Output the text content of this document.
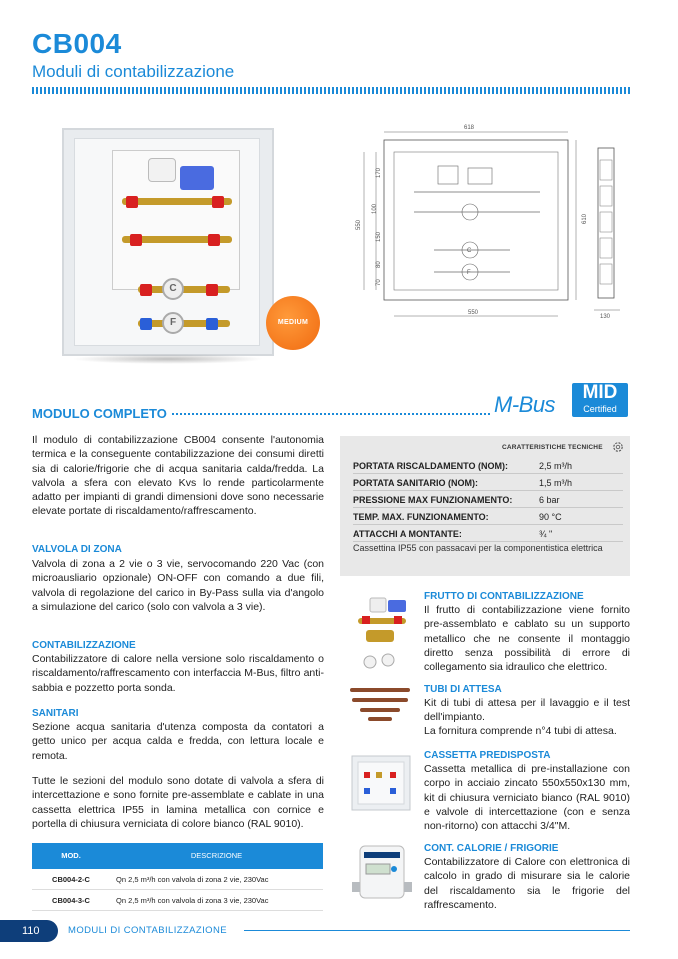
CB004
Moduli di contabilizzazione
C
F	MEDIUM
618
C
F
550
170
100
150
80
70
610
550
130
MODULO COMPLETO	M-Bus	MID
Certified
Il modulo di contabilizzazione CB004 consente l'autonomia termica e la conseguente contabilizzazione dei consumi diretti sia di calorie/frigorie che di acqua sanitaria calda/fredda. La valvola a sfera con elevato Kvs lo rende particolarmente adatto per impianti di grandi dimensioni dove sono necessarie elevate portate di riscaldamento/raffrescamento.
VALVOLA DI ZONA
Valvola di zona a 2 vie o 3 vie, servocomando 220 Vac (con microausliario opzionale) ON-OFF con comando a due fili, valvola di regolazione del carico in By-Pass sulla via d'angolo a simulazione del carico (solo con valvola a 3 vie).
CONTABILIZZAZIONE
Contabilizzatore di calore nella versione solo riscaldamento o riscaldamento/raffrescamento con interfaccia M-Bus, filtro anti-sabbia e pozzetto porta sonda.
SANITARI
Sezione acqua sanitaria d'utenza composta da contatori a getto unico per acqua calda e fredda, con lettura locale e remota.
Tutte le sezioni del modulo sono dotate di valvola a sfera di intercettazione e sono fornite pre-assemblate e cablate in una cassetta elettrica IP55 in lamina metallica con cornice e portella di chiusura verniciata di colore bianco (RAL 9010).
CARATTERISTICHE TECNICHE
PORTATA RISCALDAMENTO (NOM):	2,5 m³/h
PORTATA SANITARIO (NOM):	1,5 m³/h
PRESSIONE MAX FUNZIONAMENTO:	6 bar
TEMP. MAX. FUNZIONAMENTO:	90 °C
ATTACCHI A MONTANTE:	¾ "
Cassettina IP55 con passacavi per la componentistica elettrica
FRUTTO DI CONTABILIZZAZIONE
Il frutto di contabilizzazione viene fornito pre-assemblato e cablato su un supporto metallico che ne consente il montaggio diretto senza possibilità di errore di collegamento sia idraulico che elettrico.
TUBI DI ATTESA
Kit di tubi di attesa per il lavaggio e il test dell'impianto.
La fornitura comprende n°4 tubi di attesa.
CASSETTA PREDISPOSTA
Cassetta metallica di pre-installazione con corpo in acciaio zincato 550x550x130 mm, kit di chiusura verniciato bianco (RAL 9010) e valvole di intercettazione (con e senza non-ritorno) con attacchi 3/4"M.
CONT. CALORIE / FRIGORIE
Contabilizzatore di Calore con elettronica di calcolo in grado di misurare sia le calorie del riscaldamento sia le frigorie del raffrescamento.
MOD.	DESCRIZIONE
CB004-2-C	Qn 2,5 m³/h con valvola di zona 2 vie, 230Vac
CB004-3-C	Qn 2,5 m³/h con valvola di zona 3 vie, 230Vac
110	MODULI DI CONTABILIZZAZIONE
